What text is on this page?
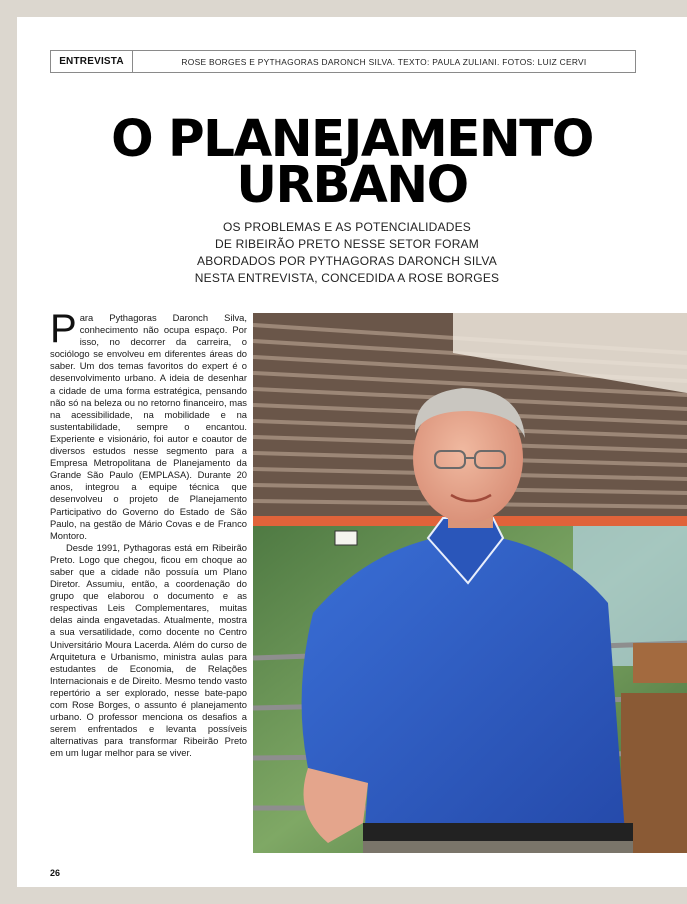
ENTREVISTA	ROSE BORGES E PYTHAGORAS DARONCH SILVA. TEXTO: PAULA ZULIANI. FOTOS: LUIZ CERVI
O PLANEJAMENTO
URBANO
OS PROBLEMAS E AS POTENCIALIDADES
DE RIBEIRÃO PRETO NESSE SETOR FORAM
ABORDADOS POR PYTHAGORAS DARONCH SILVA
NESTA ENTREVISTA, CONCEDIDA A ROSE BORGES

Para Pythagoras Daronch Silva, conhecimento não ocupa espaço. Por isso, no decorrer da carreira, o sociólogo se envolveu em diferentes áreas do saber. Um dos temas favoritos do expert é o desenvolvimento urbano. A ideia de desenhar a cidade de uma forma estratégica, pensando não só na beleza ou no retorno financeiro, mas na acessibilidade, na mobilidade e na sustentabilidade, sempre o encantou. Experiente e visionário, foi autor e coautor de diversos estudos nesse segmento para a Empresa Metropolitana de Planejamento da Grande São Paulo (EMPLASA). Durante 20 anos, integrou a equipe técnica que desenvolveu o projeto de Planejamento Participativo do Governo do Estado de São Paulo, na gestão de Mário Covas e de Franco Montoro.

Desde 1991, Pythagoras está em Ribeirão Preto. Logo que chegou, ficou em choque ao saber que a cidade não possuía um Plano Diretor. Assumiu, então, a coordenação do grupo que elaborou o documento e as respectivas Leis Complementares, muitas delas ainda engavetadas. Atualmente, mostra a sua versatilidade, como docente no Centro Universitário Moura Lacerda. Além do curso de Arquitetura e Urbanismo, ministra aulas para estudantes de Economia, de Relações Internacionais e de Direito. Mesmo tendo vasto repertório a ser explorado, nesse bate-papo com Rose Borges, o assunto é planejamento urbano. O professor menciona os desafios a serem enfrentados e levanta possíveis alternativas para transformar Ribeirão Preto em um lugar melhor para se viver.

26
